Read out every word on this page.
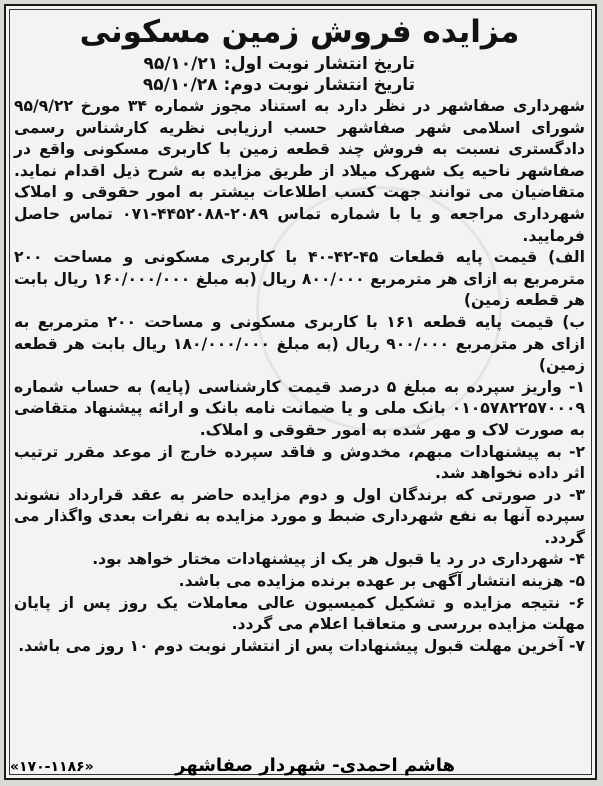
مزایده فروش زمین مسکونی
تاریخ انتشار نوبت اول: ۹۵/۱۰/۲۱
تاریخ انتشار نوبت دوم: ۹۵/۱۰/۲۸

شهرداری صفاشهر در نظر دارد به استناد مجوز شماره ۳۴ مورخ ۹۵/۹/۲۲ شورای اسلامی شهر صفاشهر حسب ارزیابی نظریه کارشناس رسمی دادگستری نسبت به فروش چند قطعه زمین با کاربری مسکونی واقع در صفاشهر ناحیه یک شهرک میلاد از طریق مزایده به شرح ذیل اقدام نماید. متقاضیان می توانند جهت کسب اطلاعات بیشتر به امور حقوقی و املاک شهرداری مراجعه و یا با شماره تماس ۲۰۸۹-۴۴۵۲۰۸۸-۰۷۱ تماس حاصل فرمایید.

الف) قیمت پایه قطعات ۴۵-۴۲-۴۰ با کاربری مسکونی و مساحت ۲۰۰ مترمربع به ازای هر مترمربع ۸۰۰/۰۰۰ ریال (به مبلغ ۱۶۰/۰۰۰/۰۰۰ ریال بابت هر قطعه زمین)

ب) قیمت پایه قطعه ۱۶۱ با کاربری مسکونی و مساحت ۲۰۰ مترمربع به ازای هر مترمربع ۹۰۰/۰۰۰ ریال (به مبلغ ۱۸۰/۰۰۰/۰۰۰ ریال بابت هر قطعه زمین)

۱- واریز سپرده به مبلغ ۵ درصد قیمت کارشناسی (پایه) به حساب شماره ۰۱۰۵۷۸۲۲۵۷۰۰۰۹ بانک ملی و یا ضمانت نامه بانک و ارائه پیشنهاد متقاضی به صورت لاک و مهر شده به امور حقوقی و املاک.

۲- به پیشنهادات مبهم، مخدوش و فاقد سپرده خارج از موعد مقرر ترتیب اثر داده نخواهد شد.

۳- در صورتی که برندگان اول و دوم مزایده حاضر به عقد قرارداد نشوند سپرده آنها به نفع شهرداری ضبط و مورد مزایده به نفرات بعدی واگذار می گردد.

۴- شهرداری در رد یا قبول هر یک از پیشنهادات مختار خواهد بود.

۵- هزینه انتشار آگهی بر عهده برنده مزایده می باشد.

۶- نتیجه مزایده و تشکیل کمیسیون عالی معاملات یک روز پس از پایان مهلت مزایده بررسی و متعاقبا اعلام می گردد.

۷- آخرین مهلت قبول پیشنهادات پس از انتشار نوبت دوم ۱۰ روز می باشد.

«۱۷۰-۱۱۸۶»	هاشم احمدی- شهردار صفاشهر
